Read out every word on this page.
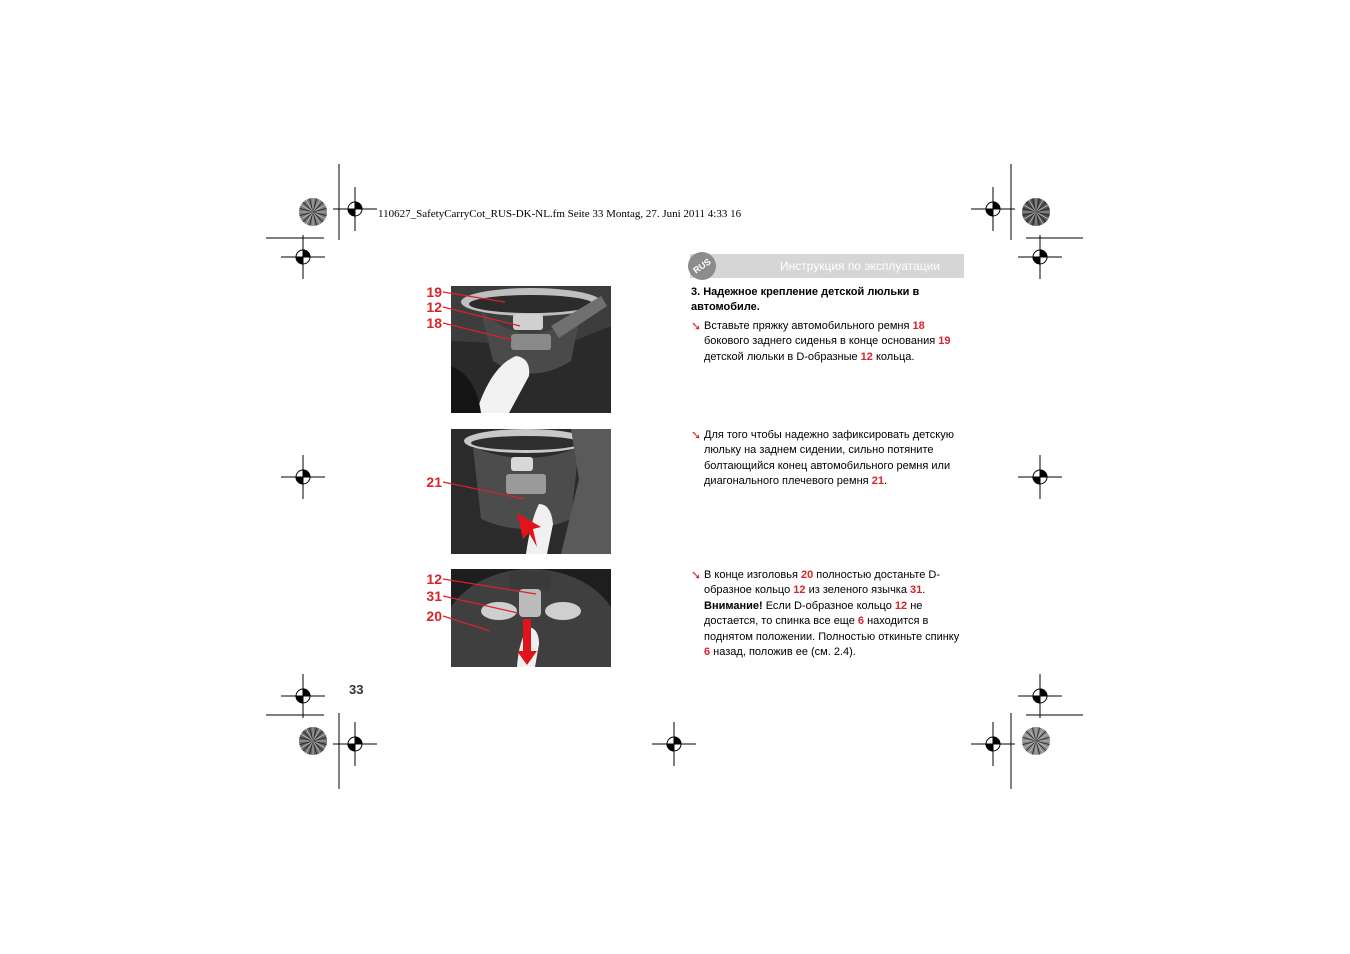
110627_SafetyCarryCot_RUS-DK-NL.fm Seite 33 Montag, 27. Juni 2011 4:33 16
RUS	Инструкция по эксплуатации
3. Надежное крепление детской люльки в автомобиле.
➘ Вставьте пряжку автомобильного ремня 18 бокового заднего сиденья в конце основания 19 детской люльки в D-образные 12 кольца.
➘ Для того чтобы надежно зафиксировать детскую люльку на заднем сидении, сильно потяните болтающийся конец автомобильного ремня или диагонального плечевого ремня 21.
➘ В конце изголовья 20 полностью достаньте D-образное кольцо 12 из зеленого язычка 31.
Внимание! Если D-образное кольцо 12 не достается, то спинка все еще 6 находится в поднятом положении. Полностью откиньте спинку 6 назад, положив ее (см. 2.4).
19
12
18
21
12
31
20
33
